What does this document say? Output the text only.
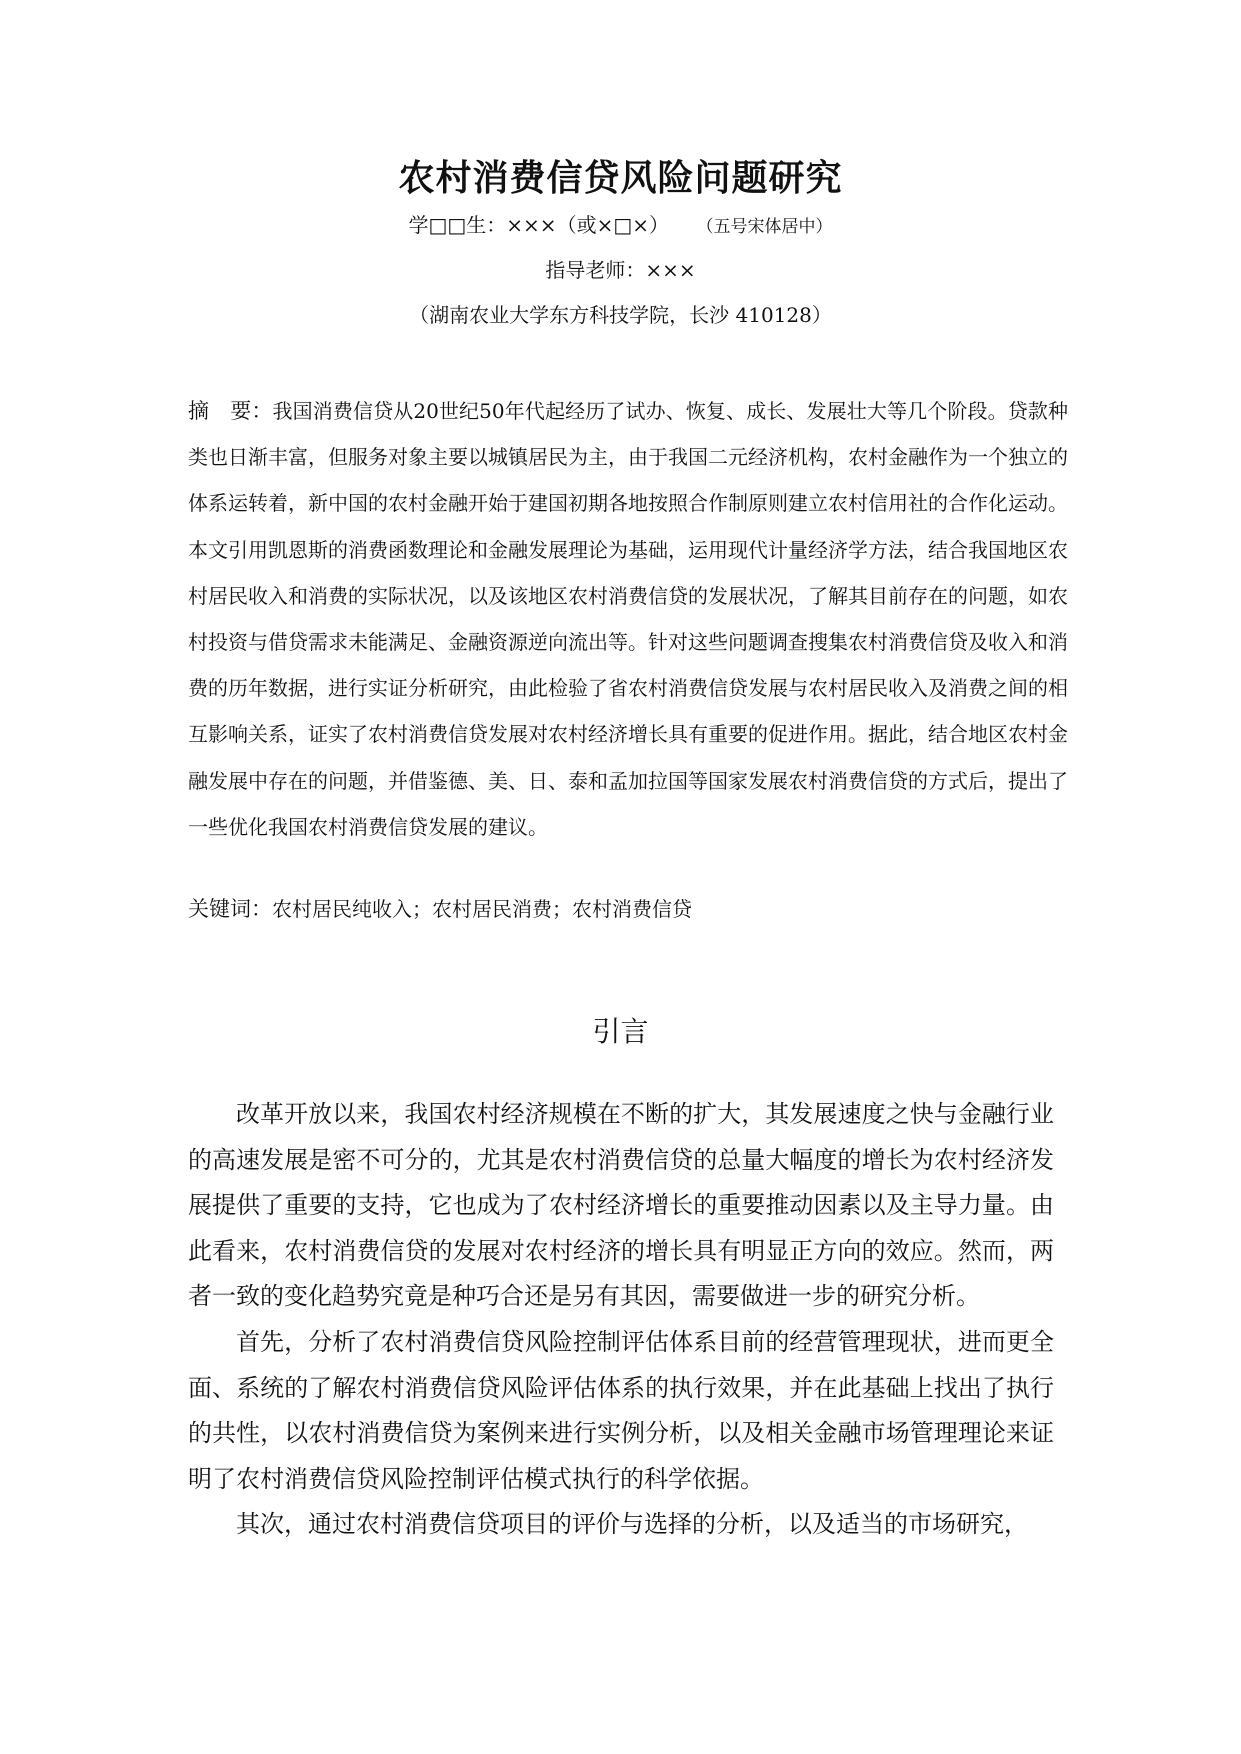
农村消费信贷风险问题研究
学□□生：×××（或×□×） （五号宋体居中）
指导老师：×××
（湖南农业大学东方科技学院，长沙 410128）

摘　要：我国消费信贷从20世纪50年代起经历了试办、恢复、成长、发展壮大等几个阶段。贷款种类也日渐丰富，但服务对象主要以城镇居民为主，由于我国二元经济机构，农村金融作为一个独立的体系运转着，新中国的农村金融开始于建国初期各地按照合作制原则建立农村信用社的合作化运动。本文引用凯恩斯的消费函数理论和金融发展理论为基础，运用现代计量经济学方法，结合我国地区农村居民收入和消费的实际状况，以及该地区农村消费信贷的发展状况，了解其目前存在的问题，如农村投资与借贷需求未能满足、金融资源逆向流出等。针对这些问题调查搜集农村消费信贷及收入和消费的历年数据，进行实证分析研究，由此检验了省农村消费信贷发展与农村居民收入及消费之间的相互影响关系，证实了农村消费信贷发展对农村经济增长具有重要的促进作用。据此，结合地区农村金融发展中存在的问题，并借鉴德、美、日、泰和孟加拉国等国家发展农村消费信贷的方式后，提出了一些优化我国农村消费信贷发展的建议。

关键词：农村居民纯收入；农村居民消费；农村消费信贷

引言

改革开放以来，我国农村经济规模在不断的扩大，其发展速度之快与金融行业的高速发展是密不可分的，尤其是农村消费信贷的总量大幅度的增长为农村经济发展提供了重要的支持，它也成为了农村经济增长的重要推动因素以及主导力量。由此看来，农村消费信贷的发展对农村经济的增长具有明显正方向的效应。然而，两者一致的变化趋势究竟是种巧合还是另有其因，需要做进一步的研究分析。

首先，分析了农村消费信贷风险控制评估体系目前的经营管理现状，进而更全面、系统的了解农村消费信贷风险评估体系的执行效果，并在此基础上找出了执行的共性，以农村消费信贷为案例来进行实例分析，以及相关金融市场管理理论来证明了农村消费信贷风险控制评估模式执行的科学依据。

其次，通过农村消费信贷项目的评价与选择的分析，以及适当的市场研究，
